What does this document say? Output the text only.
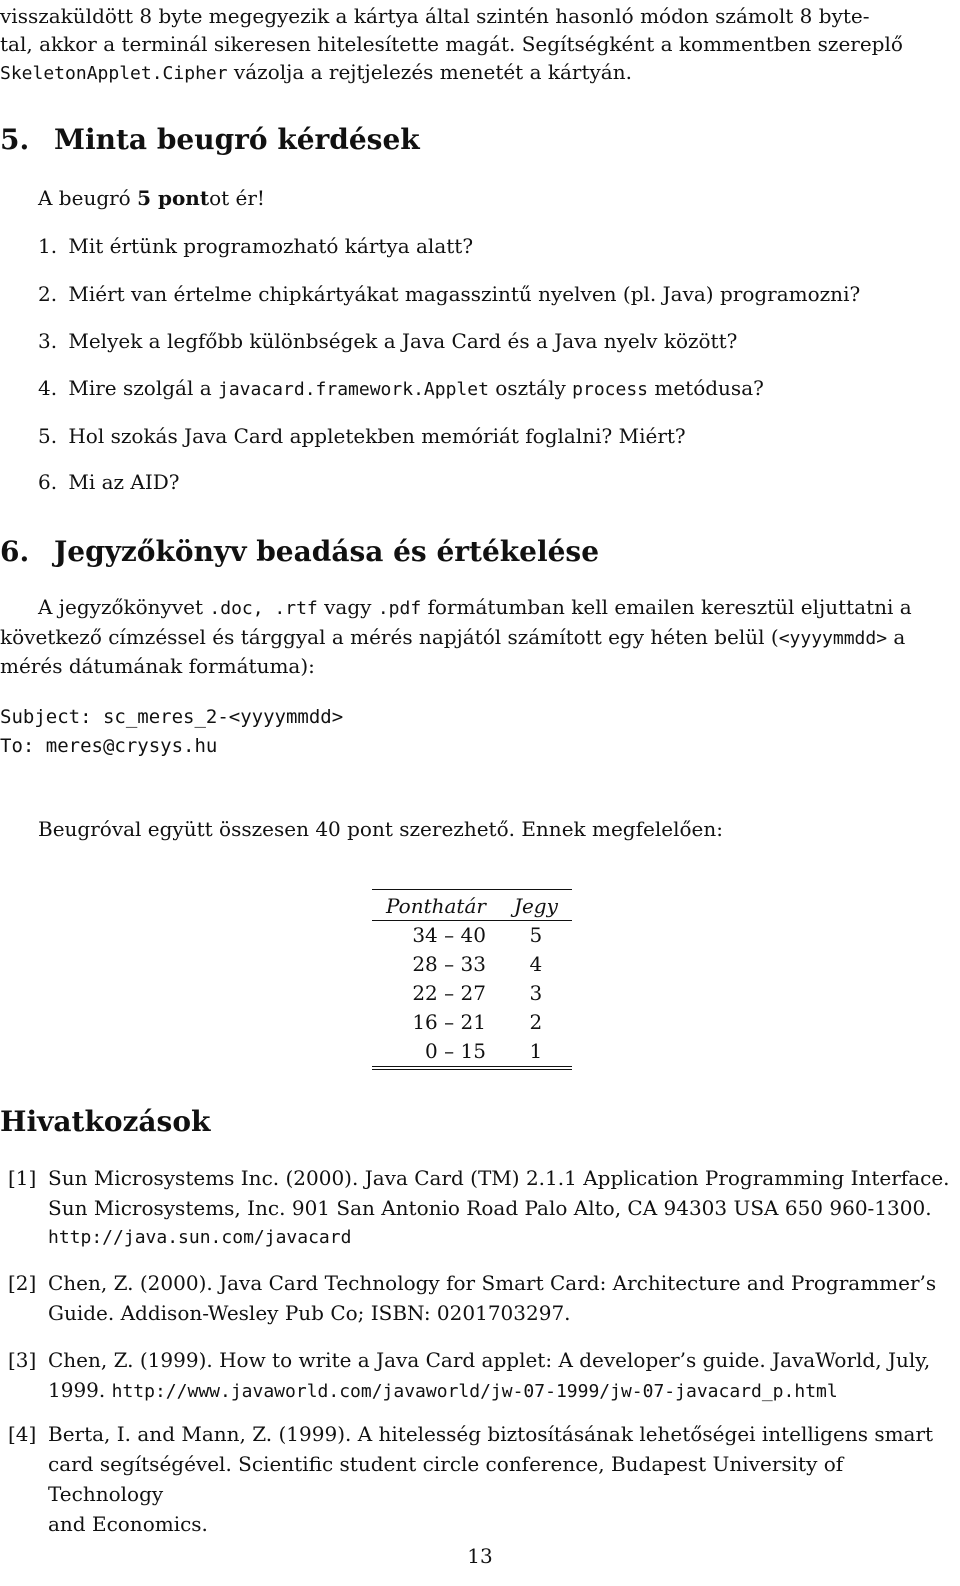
visszaküldött 8 byte megegyezik a kártya által szintén hasonló módon számolt 8 byte-
tal, akkor a terminál sikeresen hitelesítette magát. Segítségként a kommentben szereplő
SkeletonApplet.Cipher vázolja a rejtjelezés menetét a kártyán.
5. Minta beugró kérdések
A beugró 5 pontot ér!
1. Mit értünk programozható kártya alatt?
2. Miért van értelme chipkártyákat magasszintű nyelven (pl. Java) programozni?
3. Melyek a legfőbb különbségek a Java Card és a Java nyelv között?
4. Mire szolgál a javacard.framework.Applet osztály process metódusa?
5. Hol szokás Java Card appletekben memóriát foglalni? Miért?
6. Mi az AID?
6. Jegyzőkönyv beadása és értékelése
A jegyzőkönyvet .doc, .rtf vagy .pdf formátumban kell emailen keresztül eljuttatni a
következő címzéssel és tárggyal a mérés napjától számított egy héten belül (<yyyymmdd> a
mérés dátumának formátuma):
Subject: sc_meres_2-<yyyymmdd>
To: meres@crysys.hu
Beugróval együtt összesen 40 pont szerezhető. Ennek megfelelően:
Ponthatár	Jegy
34 – 40	5
28 – 33	4
22 – 27	3
16 – 21	2
0 – 15	1
Hivatkozások
[1] Sun Microsystems Inc. (2000). Java Card (TM) 2.1.1 Application Programming Interface.
Sun Microsystems, Inc. 901 San Antonio Road Palo Alto, CA 94303 USA 650 960-1300.
http://java.sun.com/javacard
[2] Chen, Z. (2000). Java Card Technology for Smart Card: Architecture and Programmer’s
Guide. Addison-Wesley Pub Co; ISBN: 0201703297.
[3] Chen, Z. (1999). How to write a Java Card applet: A developer’s guide. JavaWorld, July,
1999. http://www.javaworld.com/javaworld/jw-07-1999/jw-07-javacard_p.html
[4] Berta, I. and Mann, Z. (1999). A hitelesség biztosításának lehetőségei intelligens smart
card segítségével. Scientific student circle conference, Budapest University of Technology
and Economics.
13
